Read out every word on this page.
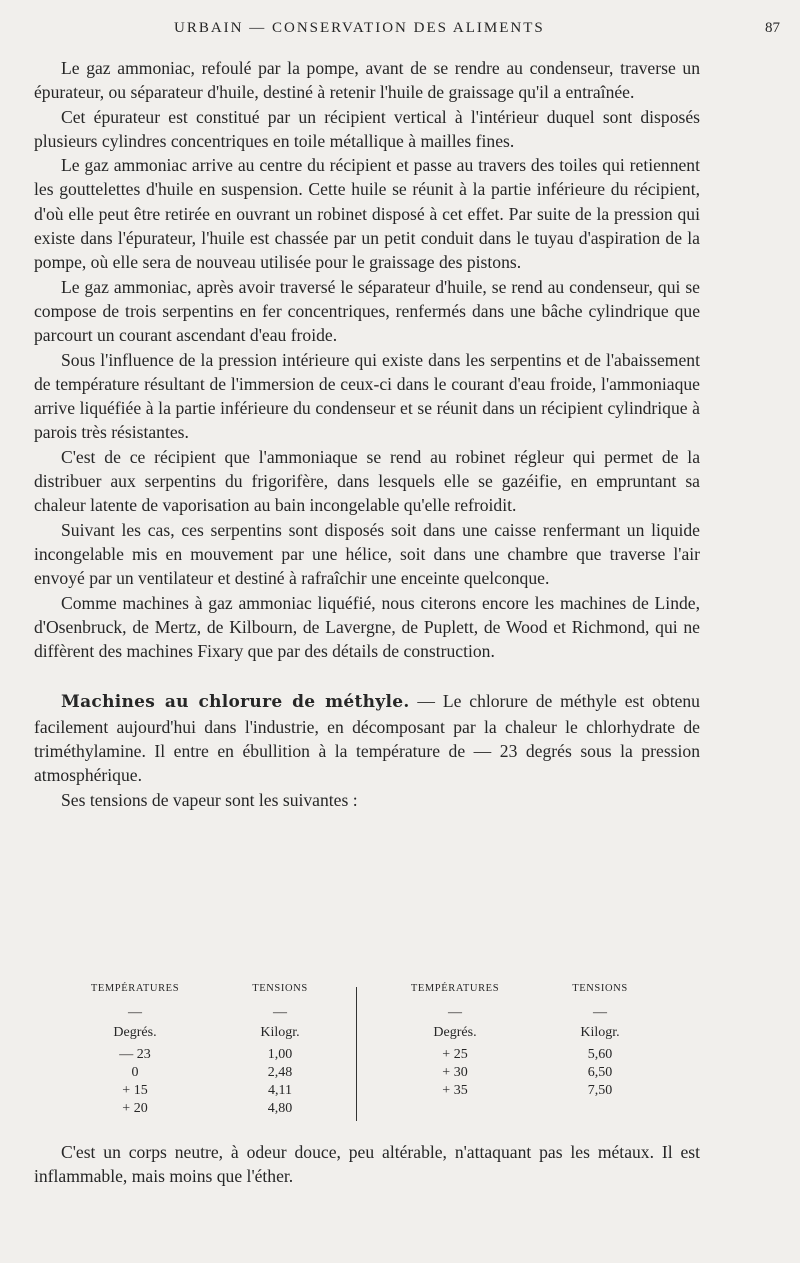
URBAIN — CONSERVATION DES ALIMENTS	87

Le gaz ammoniac, refoulé par la pompe, avant de se rendre au condenseur, traverse un épurateur, ou séparateur d'huile, destiné à retenir l'huile de graissage qu'il a entraînée.

Cet épurateur est constitué par un récipient vertical à l'intérieur duquel sont disposés plusieurs cylindres concentriques en toile métallique à mailles fines.

Le gaz ammoniac arrive au centre du récipient et passe au travers des toiles qui retiennent les gouttelettes d'huile en suspension. Cette huile se réunit à la partie inférieure du récipient, d'où elle peut être retirée en ouvrant un robinet disposé à cet effet. Par suite de la pression qui existe dans l'épurateur, l'huile est chassée par un petit conduit dans le tuyau d'aspiration de la pompe, où elle sera de nouveau utilisée pour le graissage des pistons.

Le gaz ammoniac, après avoir traversé le séparateur d'huile, se rend au condenseur, qui se compose de trois serpentins en fer concentriques, renfermés dans une bâche cylindrique que parcourt un courant ascendant d'eau froide.

Sous l'influence de la pression intérieure qui existe dans les serpentins et de l'abaissement de température résultant de l'immersion de ceux-ci dans le courant d'eau froide, l'ammoniaque arrive liquéfiée à la partie inférieure du condenseur et se réunit dans un récipient cylindrique à parois très résistantes.

C'est de ce récipient que l'ammoniaque se rend au robinet régleur qui permet de la distribuer aux serpentins du frigorifère, dans lesquels elle se gazéifie, en empruntant sa chaleur latente de vaporisation au bain incongelable qu'elle refroidit.

Suivant les cas, ces serpentins sont disposés soit dans une caisse renfermant un liquide incongelable mis en mouvement par une hélice, soit dans une chambre que traverse l'air envoyé par un ventilateur et destiné à rafraîchir une enceinte quelconque.

Comme machines à gaz ammoniac liquéfié, nous citerons encore les machines de Linde, d'Osenbruck, de Mertz, de Kilbourn, de Lavergne, de Puplett, de Wood et Richmond, qui ne diffèrent des machines Fixary que par des détails de construction.

Machines au chlorure de méthyle. — Le chlorure de méthyle est obtenu facilement aujourd'hui dans l'industrie, en décomposant par la chaleur le chlorhydrate de triméthylamine. Il entre en ébullition à la température de — 23 degrés sous la pression atmosphérique.

Ses tensions de vapeur sont les suivantes :

TEMPÉRATURES
—
Degrés.
— 23
0
+ 15
+ 20
TENSIONS
—
Kilogr.
1,00
2,48
4,11
4,80
TEMPÉRATURES
—
Degrés.
+ 25
+ 30
+ 35
TENSIONS
—
Kilogr.
5,60
6,50
7,50

C'est un corps neutre, à odeur douce, peu altérable, n'attaquant pas les métaux. Il est inflammable, mais moins que l'éther.
